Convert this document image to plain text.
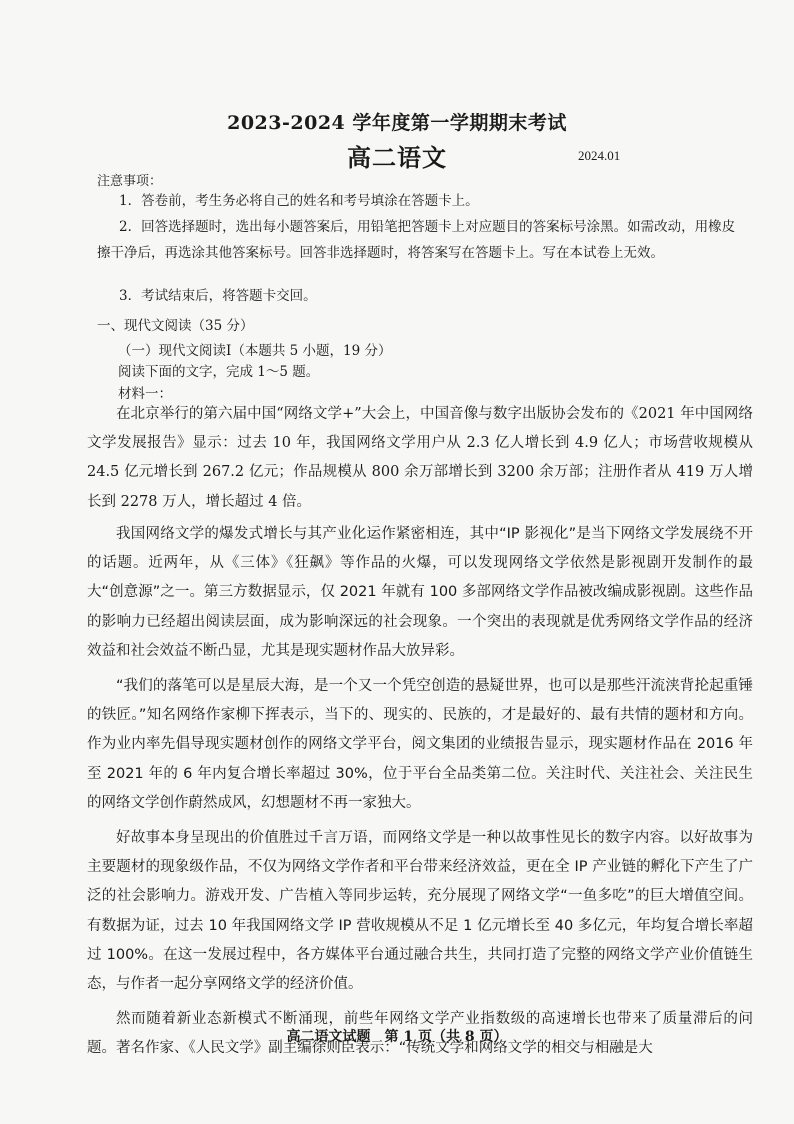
2023-2024 学年度第一学期期末考试
高二语文	2024.01
注意事项：
1．答卷前，考生务必将自己的姓名和考号填涂在答题卡上。
2．回答选择题时，选出每小题答案后，用铅笔把答题卡上对应题目的答案标号涂黑。如需改动，用橡皮擦干净后，再选涂其他答案标号。回答非选择题时，将答案写在答题卡上。写在本试卷上无效。
3．考试结束后，将答题卡交回。
一、现代文阅读（35 分）
（一）现代文阅读Ⅰ（本题共 5 小题，19 分）
阅读下面的文字，完成 1～5 题。
材料一：

在北京举行的第六届中国“网络文学+”大会上，中国音像与数字出版协会发布的《2021 年中国网络文学发展报告》显示：过去 10 年，我国网络文学用户从 2.3 亿人增长到 4.9 亿人；市场营收规模从 24.5 亿元增长到 267.2 亿元；作品规模从 800 余万部增长到 3200 余万部；注册作者从 419 万人增长到 2278 万人，增长超过 4 倍。

我国网络文学的爆发式增长与其产业化运作紧密相连，其中“IP 影视化”是当下网络文学发展绕不开的话题。近两年，从《三体》《狂飙》等作品的火爆，可以发现网络文学依然是影视剧开发制作的最大“创意源”之一。第三方数据显示，仅 2021 年就有 100 多部网络文学作品被改编成影视剧。这些作品的影响力已经超出阅读层面，成为影响深远的社会现象。一个突出的表现就是优秀网络文学作品的经济效益和社会效益不断凸显，尤其是现实题材作品大放异彩。

“我们的落笔可以是星辰大海，是一个又一个凭空创造的悬疑世界，也可以是那些汗流浃背抡起重锤的铁匠。”知名网络作家柳下挥表示，当下的、现实的、民族的，才是最好的、最有共情的题材和方向。作为业内率先倡导现实题材创作的网络文学平台，阅文集团的业绩报告显示，现实题材作品在 2016 年至 2021 年的 6 年内复合增长率超过 30%，位于平台全品类第二位。关注时代、关注社会、关注民生的网络文学创作蔚然成风，幻想题材不再一家独大。

好故事本身呈现出的价值胜过千言万语，而网络文学是一种以故事性见长的数字内容。以好故事为主要题材的现象级作品，不仅为网络文学作者和平台带来经济效益，更在全 IP 产业链的孵化下产生了广泛的社会影响力。游戏开发、广告植入等同步运转，充分展现了网络文学“一鱼多吃”的巨大增值空间。有数据为证，过去 10 年我国网络文学 IP 营收规模从不足 1 亿元增长至 40 多亿元，年均复合增长率超过 100%。在这一发展过程中，各方媒体平台通过融合共生，共同打造了完整的网络文学产业价值链生态，与作者一起分享网络文学的经济价值。

然而随着新业态新模式不断涌现，前些年网络文学产业指数级的高速增长也带来了质量滞后的问题。著名作家、《人民文学》副主编徐则臣表示：“传统文学和网络文学的相交与相融是大

高二语文试题　第 1 页（共 8 页）
